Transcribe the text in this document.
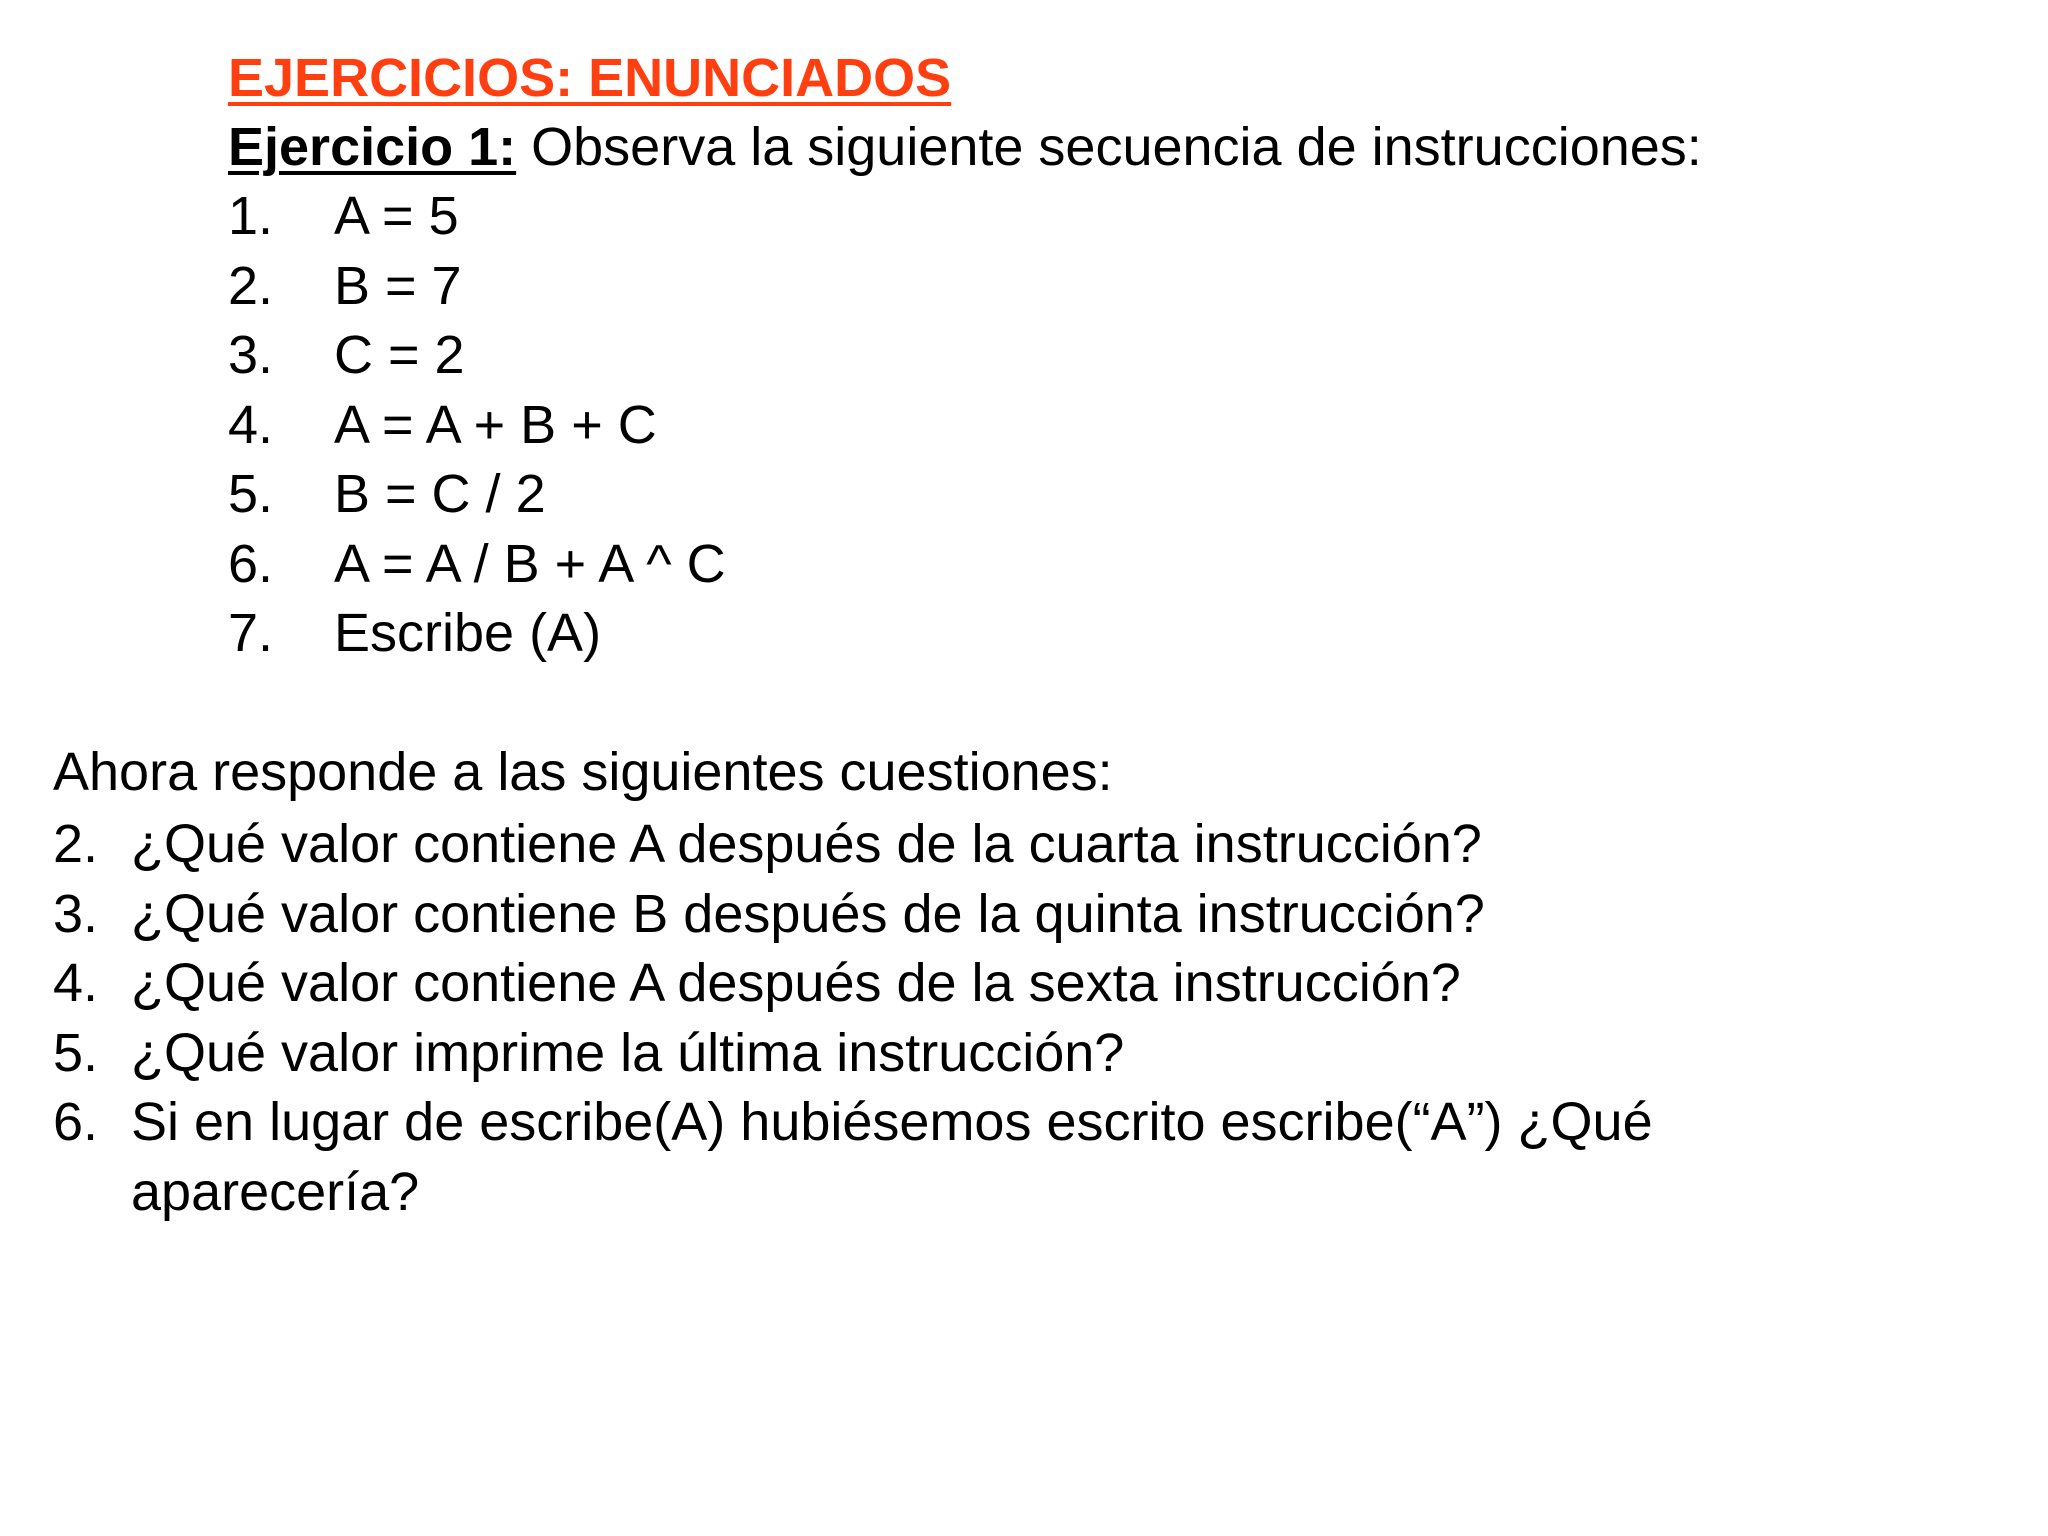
EJERCICIOS: ENUNCIADOS
Ejercicio 1: Observa la siguiente secuencia de instrucciones:
1.	A = 5
2.	B = 7
3.	C = 2
4.	A = A + B + C
5.	B = C / 2
6.	A = A / B + A ^ C
7.	Escribe (A)
Ahora responde a las siguientes cuestiones:
2. ¿Qué valor contiene A después de la cuarta instrucción?
3. ¿Qué valor contiene B después de la quinta instrucción?
4. ¿Qué valor contiene A después de la sexta instrucción?
5. ¿Qué valor imprime la última instrucción?
6. Si en lugar de escribe(A) hubiésemos escrito escribe(“A”) ¿Qué aparecería?
